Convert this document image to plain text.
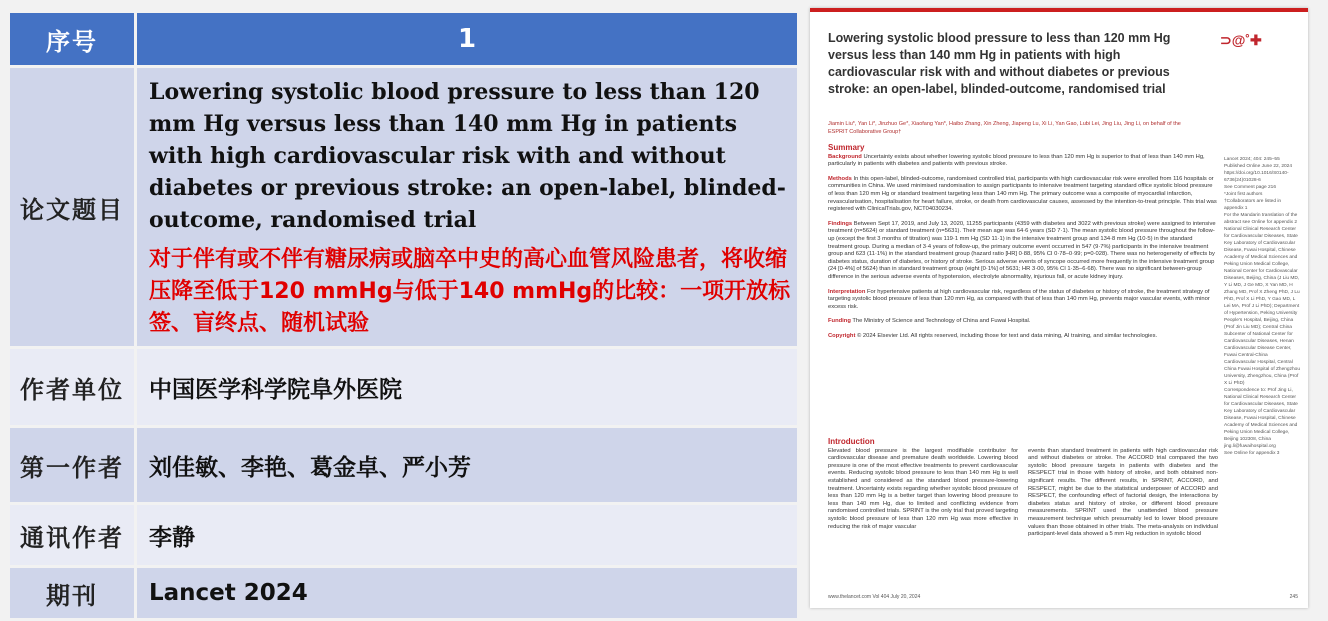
序号	1
论文题目	Lowering systolic blood pressure to less than 120 mm Hg versus less than 140 mm Hg in patients with high cardiovascular risk with and without diabetes or previous stroke: an open-label, blinded-outcome, randomised trial
对于伴有或不伴有糖尿病或脑卒中史的高心血管风险患者，将收缩压降至低于120 mmHg与低于140 mmHg的比较：一项开放标签、盲终点、随机试验

作者单位	中国医学科学院阜外医院
第一作者	刘佳敏、李艳、葛金卓、严小芳
通讯作者	李静
期刊	Lancet 2024
Lowering systolic blood pressure to less than 120 mm Hg versus less than 140 mm Hg in patients with high cardiovascular risk with and without diabetes or previous stroke: an open-label, blinded-outcome, randomised trial
⊃@˚✚
Jiamin Liu*, Yan Li*, Jinzhuo Ge*, Xiaofang Yan*, Haibo Zhang, Xin Zheng, Jiapeng Lu, Xi Li, Yan Gao, Lubi Lei, Jing Liu, Jing Li, on behalf of the ESPRIT Collaborative Group†
Summary

Background Uncertainty exists about whether lowering systolic blood pressure to less than 120 mm Hg is superior to that of less than 140 mm Hg, particularly in patients with diabetes and patients with previous stroke.

Methods In this open-label, blinded-outcome, randomised controlled trial, participants with high cardiovascular risk were enrolled from 116 hospitals or communities in China. We used minimised randomisation to assign participants to intensive treatment targeting standard office systolic blood pressure of less than 120 mm Hg or standard treatment targeting less than 140 mm Hg. The primary outcome was a composite of myocardial infarction, revascularisation, hospitalisation for heart failure, stroke, or death from cardiovascular causes, assessed by the intention-to-treat principle. This trial was registered with ClinicalTrials.gov, NCT04030234.

Findings Between Sept 17, 2019, and July 13, 2020, 11255 participants (4359 with diabetes and 3022 with previous stroke) were assigned to intensive treatment (n=5624) or standard treatment (n=5631). Their mean age was 64·6 years (SD 7·1). The mean systolic blood pressure throughout the follow-up (except the first 3 months of titration) was 119·1 mm Hg (SD 11·1) in the intensive treatment group and 134·8 mm Hg (10·5) in the standard treatment group. During a median of 3·4 years of follow-up, the primary outcome event occurred in 547 (9·7%) participants in the intensive treatment group and 623 (11·1%) in the standard treatment group (hazard ratio [HR] 0·88, 95% CI 0·78–0·99; p=0·028). There was no heterogeneity of effects by diabetes status, duration of diabetes, or history of stroke. Serious adverse events of syncope occurred more frequently in the intensive treatment group (24 [0·4%] of 5624) than in standard treatment group (eight [0·1%] of 5631; HR 3·00, 95% CI 1·35–6·68). There was no significant between-group difference in the serious adverse events of hypotension, electrolyte abnormality, injurious fall, or acute kidney injury.

Interpretation For hypertensive patients at high cardiovascular risk, regardless of the status of diabetes or history of stroke, the treatment strategy of targeting systolic blood pressure of less than 120 mm Hg, as compared with that of less than 140 mm Hg, prevents major vascular events, with minor excess risk.

Funding The Ministry of Science and Technology of China and Fuwai Hospital.

Copyright © 2024 Elsevier Ltd. All rights reserved, including those for text and data mining, AI training, and similar technologies.

Lancet 2024; 404: 245–55
Published Online June 22, 2024
https://doi.org/10.1016/S0140-6736(24)01028-6
See Comment page 216
*Joint first authors
†Collaborators are listed in appendix 1
For the Mandarin translation of the abstract see Online for appendix 2
National Clinical Research Center for Cardiovascular Diseases, State Key Laboratory of Cardiovascular Disease, Fuwai Hospital, Chinese Academy of Medical Sciences and Peking Union Medical College, National Center for Cardiovascular Diseases, Beijing, China (J Liu MD, Y Li MD, J Ge MD, X Yan MD, H Zhang MD, Prof X Zheng PhD, J Lu PhD, Prof X Li PhD, Y Gao MD, L Lei MA, Prof J Li PhD); Department of Hypertension, Peking University People's Hospital, Beijing, China (Prof Jin Liu MD); Central China Subcenter of National Center for Cardiovascular Diseases, Henan Cardiovascular Disease Center, Fuwai Central-China Cardiovascular Hospital, Central China Fuwai Hospital of Zhengzhou University, Zhengzhou, China (Prof X Li PhD)
Correspondence to: Prof Jing Li, National Clinical Research Center for Cardiovascular Diseases, State Key Laboratory of Cardiovascular Disease, Fuwai Hospital, Chinese Academy of Medical Sciences and Peking Union Medical College, Beijing 102308, China jing.li@fuwaihospital.org
See Online for appendix 3
Introduction
Elevated blood pressure is the largest modifiable contributor for cardiovascular disease and premature death worldwide. Lowering blood pressure is one of the most effective treatments to prevent cardiovascular events. Reducing systolic blood pressure to less than 140 mm Hg is well established and considered as the standard blood pressure-lowering treatment. Uncertainty exists regarding whether systolic blood pressure of less than 120 mm Hg is a better target than lowering blood pressure to less than 140 mm Hg, due to limited and conflicting evidence from randomised controlled trials. SPRINT is the only trial that proved targeting systolic blood pressure of less than 120 mm Hg was more effective in reducing the risk of major vascular
events than standard treatment in patients with high cardiovascular risk and without diabetes or stroke. The ACCORD trial compared the two systolic blood pressure targets in patients with diabetes and the RESPECT trial in those with history of stroke, and both obtained non-significant results. The different results, in SPRINT, ACCORD, and RESPECT, might be due to the statistical underpower of ACCORD and RESPECT, the confounding effect of factorial design, the interactions by diabetes status and history of stroke, or different blood pressure measurements. SPRINT used the unattended blood pressure measurement technique which presumably led to lower blood pressure values than those obtained in other trials. The meta-analysis on individual participant-level data showed a 5 mm Hg reduction in systolic blood
www.thelancet.com Vol 404 July 20, 2024	245
